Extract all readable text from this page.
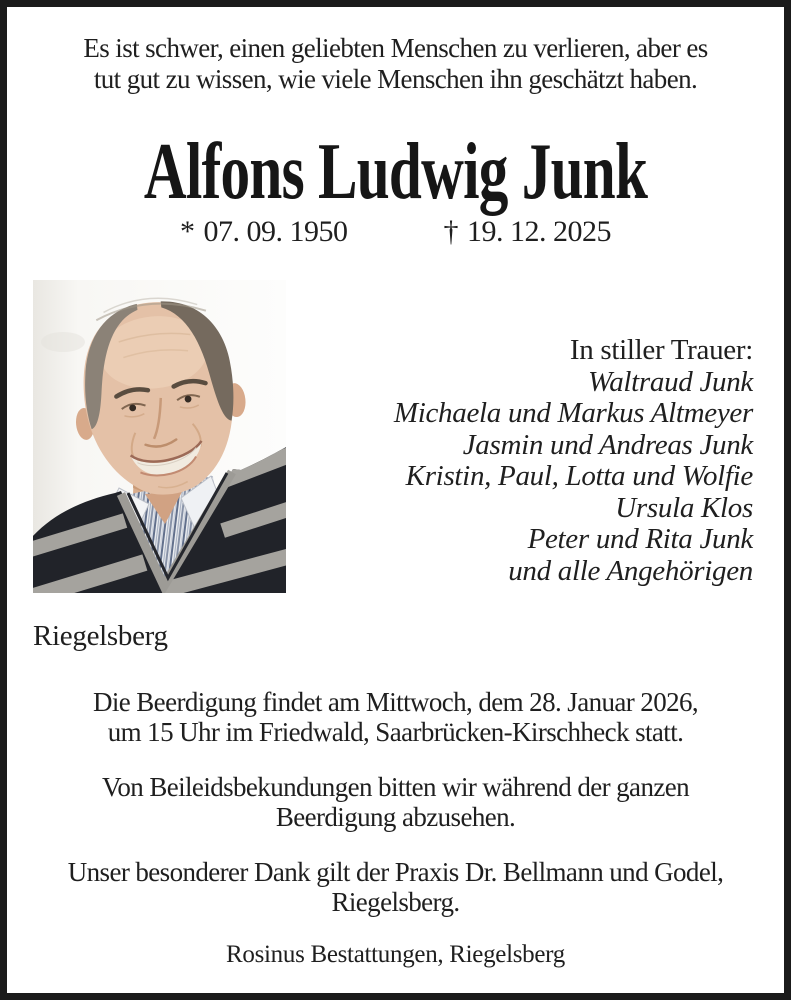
Es ist schwer, einen geliebten Menschen zu verlieren, aber es
tut gut zu wissen, wie viele Menschen ihn geschätzt haben.
Alfons Ludwig Junk
* 07. 09. 1950	† 19. 12. 2025
In stiller Trauer:
Waltraud Junk
Michaela und Markus Altmeyer
Jasmin und Andreas Junk
Kristin, Paul, Lotta und Wolfie
Ursula Klos
Peter und Rita Junk
und alle Angehörigen
Riegelsberg
Die Beerdigung findet am Mittwoch, dem 28. Januar 2026,
um 15 Uhr im Friedwald, Saarbrücken-Kirschheck statt.
Von Beileidsbekundungen bitten wir während der ganzen
Beerdigung abzusehen.
Unser besonderer Dank gilt der Praxis Dr. Bellmann und Godel,
Riegelsberg.
Rosinus Bestattungen, Riegelsberg
